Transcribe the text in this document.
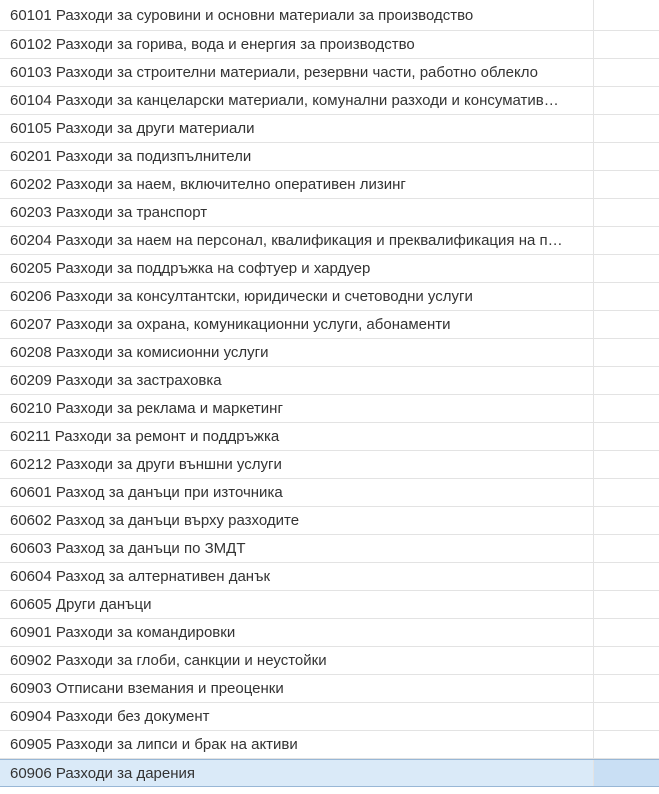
60101 Разходи за суровини и основни материали за производство
60102 Разходи за горива, вода и енергия за производство
60103 Разходи за строителни материали, резервни части, работно облекло
60104 Разходи за канцеларски материали, комунални разходи и консуматив…
60105 Разходи за други материали
60201 Разходи за подизпълнители
60202 Разходи за наем, включително оперативен лизинг
60203 Разходи за транспорт
60204 Разходи за наем на персонал, квалификация и преквалификация на п…
60205 Разходи за поддръжка на софтуер и хардуер
60206 Разходи за консултантски, юридически и счетоводни услуги
60207 Разходи за охрана, комуникационни услуги, абонаменти
60208 Разходи за комисионни услуги
60209 Разходи за застраховка
60210 Разходи за реклама и маркетинг
60211 Разходи за ремонт и поддръжка
60212 Разходи за други външни услуги
60601 Разход за данъци при източника
60602 Разход за данъци върху разходите
60603 Разход за данъци по ЗМДТ
60604 Разход за алтернативен данък
60605 Други данъци
60901 Разходи за командировки
60902 Разходи за глоби, санкции и неустойки
60903 Отписани вземания и преоценки
60904 Разходи без документ
60905 Разходи за липси и брак на активи
60906 Разходи за дарения
